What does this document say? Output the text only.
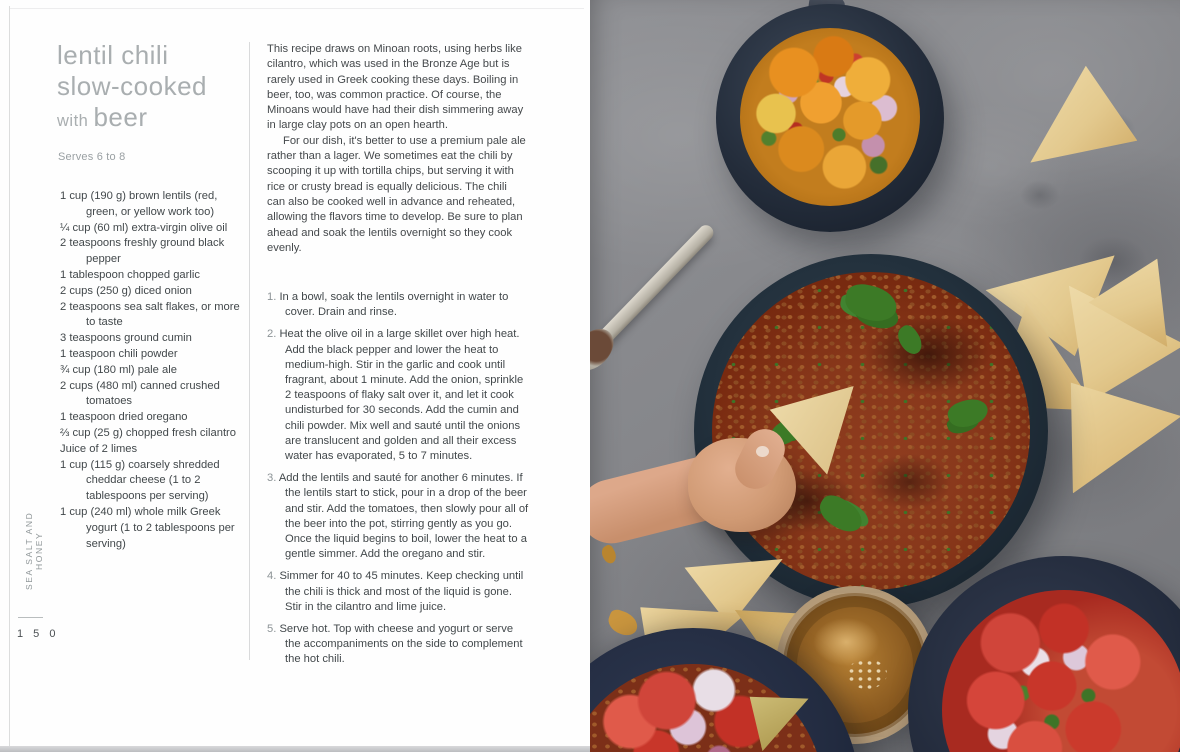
SEA SALT AND HONEY
1 5 0
lentil chili
slow-cooked
with beer
Serves 6 to 8

1 cup (190 g) brown lentils (red, green, or yellow work too)

¼ cup (60 ml) extra-virgin olive oil

2 teaspoons freshly ground black pepper

1 tablespoon chopped garlic

2 cups (250 g) diced onion

2 teaspoons sea salt flakes, or more to taste

3 teaspoons ground cumin

1 teaspoon chili powder

¾ cup (180 ml) pale ale

2 cups (480 ml) canned crushed tomatoes

1 teaspoon dried oregano

⅔ cup (25 g) chopped fresh cilantro

Juice of 2 limes

1 cup (115 g) coarsely shredded cheddar cheese (1 to 2 tablespoons per serving)

1 cup (240 ml) whole milk Greek yogurt (1 to 2 tablespoons per serving)

This recipe draws on Minoan roots, using herbs like cilantro, which was used in the Bronze Age but is rarely used in Greek cooking these days. Boiling in beer, too, was common practice. Of course, the Minoans would have had their dish simmering away in large clay pots on an open hearth.

For our dish, it's better to use a premium pale ale rather than a lager. We sometimes eat the chili by scooping it up with tortilla chips, but serving it with rice or crusty bread is equally delicious. The chili can also be cooked well in advance and reheated, allowing the flavors time to develop. Be sure to plan ahead and soak the lentils overnight so they cook evenly.

1. In a bowl, soak the lentils overnight in water to cover. Drain and rinse.

2. Heat the olive oil in a large skillet over high heat. Add the black pepper and lower the heat to medium-high. Stir in the garlic and cook until fragrant, about 1 minute. Add the onion, sprinkle 2 teaspoons of flaky salt over it, and let it cook undisturbed for 30 seconds. Add the cumin and chili powder. Mix well and sauté until the onions are translucent and golden and all their excess water has evaporated, 5 to 7 minutes.

3. Add the lentils and sauté for another 6 minutes. If the lentils start to stick, pour in a drop of the beer and stir. Add the tomatoes, then slowly pour all of the beer into the pot, stirring gently as you go. Once the liquid begins to boil, lower the heat to a gentle simmer. Add the oregano and stir.

4. Simmer for 40 to 45 minutes. Keep checking until the chili is thick and most of the liquid is gone. Stir in the cilantro and lime juice.

5. Serve hot. Top with cheese and yogurt or serve the accompaniments on the side to complement the hot chili.
